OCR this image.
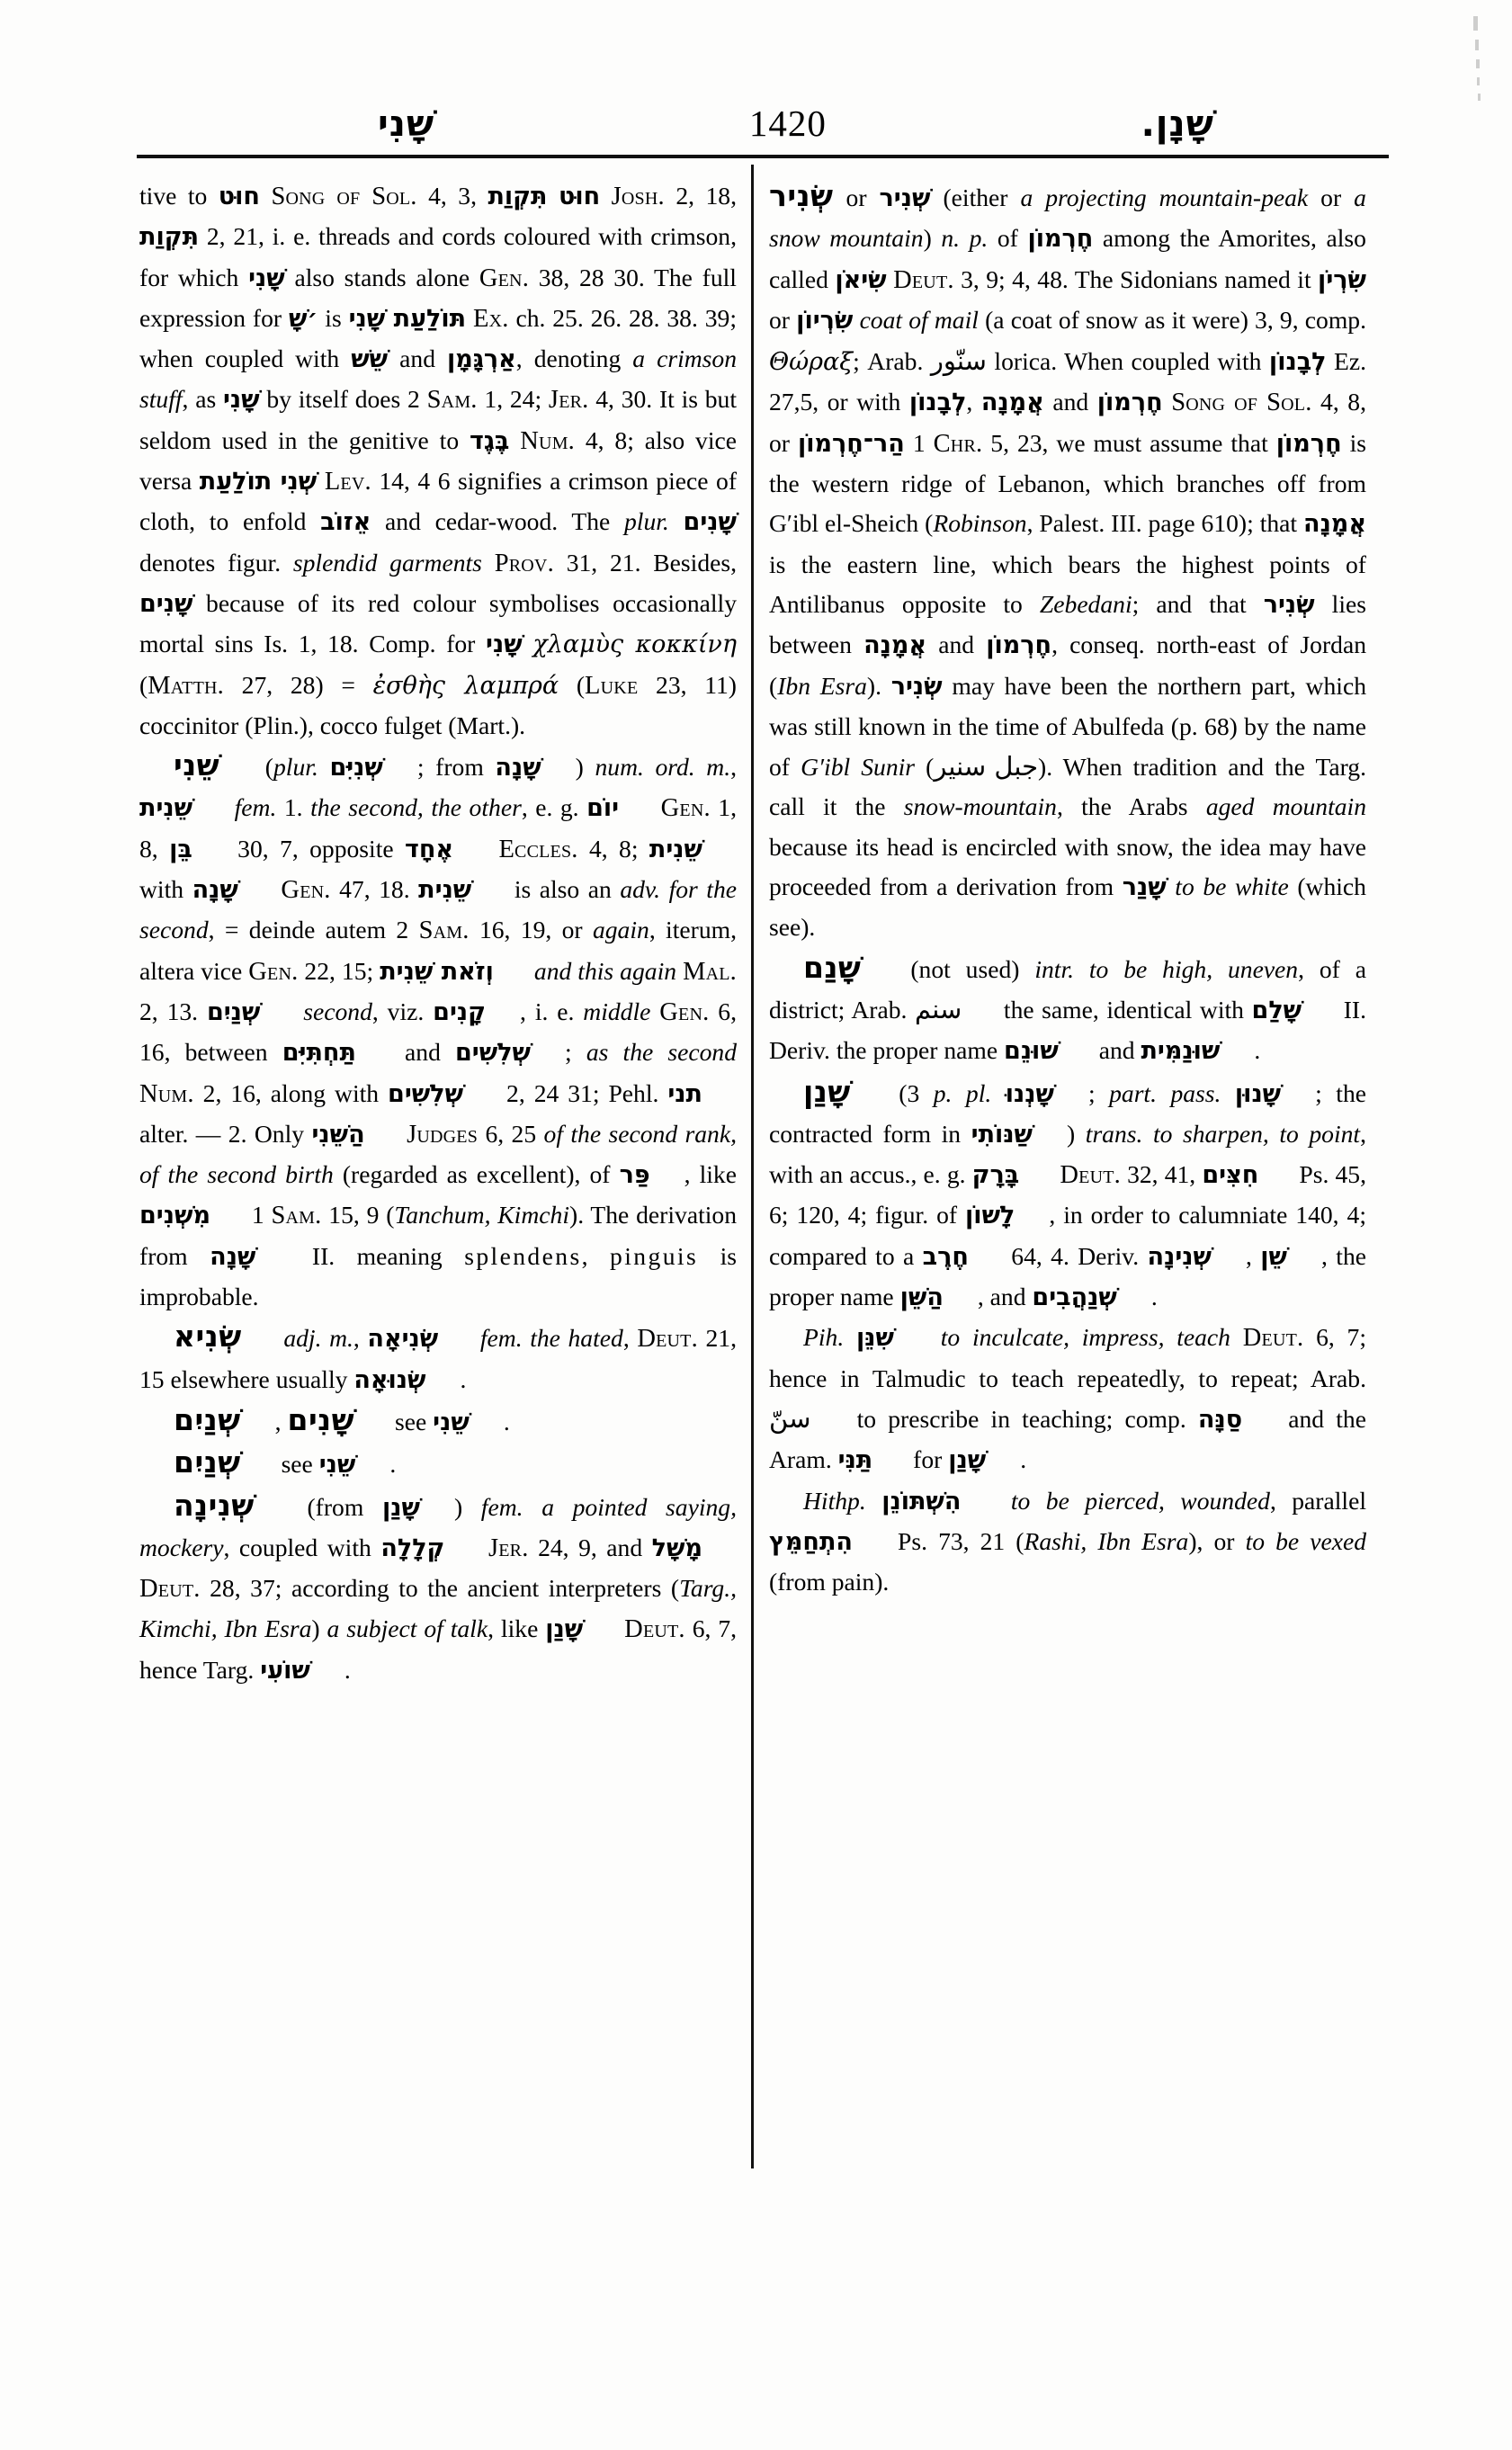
שָׁנִי	1420	שָׁנָן.

tive to חוּט Song of Sol. 4, 3, תִּקְוַת חוּט Josh. 2, 18, תִּקְוַת 2, 21, i. e. threads and cords coloured with crimson, for which שָׁנִי also stands alone Gen. 38, 28 30. The full expression for ׳שָׁ is תּוֹלַעַת שָׁנִי Ex. ch. 25. 26. 28. 38. 39; when coupled with שֵׁשׁ and אַרְגָּמָן, denoting a crimson stuff, as שָׁנִי by itself does 2 Sam. 1, 24; Jer. 4, 30. It is but seldom used in the genitive to בֶּגֶד Num. 4, 8; also vice versa שְׁנִי תוֹלַעַת Lev. 14, 4 6 signifies a crimson piece of cloth, to enfold אֵזוֹב and cedar-wood. The plur. שָׁנִים denotes figur. splendid garments Prov. 31, 21. Besides, שָׁנִים because of its red colour symbolises occasionally mortal sins Is. 1, 18. Comp. for שָׁנִי χλαμὺς κοκκίνη (Matth. 27, 28) = ἐσθὴς λαμπρά (Luke 23, 11) coccinitor (Plin.), cocco fulget (Mart.).

שֵׁנִי (plur. שְׁנִיִּם ; from שָׁנָה ) num. ord. m., שֵׁנִית fem. 1. the second, the other, e. g. יוֹם Gen. 1, 8, בֵּן 30, 7, opposite אֶחָד Eccles. 4, 8; שֵׁנִית with שָׁנָה Gen. 47, 18. שֵׁנִית is also an adv. for the second, = deinde autem 2 Sam. 16, 19, or again, iterum, altera vice Gen. 22, 15; וְזֹאת שֵׁנִית and this again Mal. 2, 13. שְׁנַיִם second, viz. קָנִים , i. e. middle Gen. 6, 16, between תַּחְתִּיִּם and שְׁלִשִׁים ; as the second Num. 2, 16, along with שְׁלִשִׁים 2, 24 31; Pehl. תני alter. — 2. Only הַשֵּׁנִי Judges 6, 25 of the second rank, of the second birth (regarded as excellent), of פַּר , like מִשְׁנִים 1 Sam. 15, 9 (Tanchum, Kimchi). The derivation from שָׁנָה II. meaning splendens, pinguis is improbable.

שְׂנִיא adj. m., שְׂנִיאָה fem. the hated, Deut. 21, 15 elsewhere usually שְׂנוּאָה .

שְׁנַיִם , שָׁנִים see שֵׁנִי .

שְׁנַיִם see שֵׁנִי .

שְׁנִינָה (from שָׁנַן ) fem. a pointed saying, mockery, coupled with קְלָלָה Jer. 24, 9, and מָשָׁל Deut. 28, 37; according to the ancient interpreters (Targ., Kimchi, Ibn Esra) a subject of talk, like שָׁנַן Deut. 6, 7, hence Targ. שׁוֹעִי .

שְׂנִיר or שְׁנִיר (either a projecting mountain-peak or a snow mountain) n. p. of חֶרְמוֹן among the Amorites, also called שִׂיאֹן Deut. 3, 9; 4, 48. The Sidonians named it שִׂרְיֹן or שִׂרְיוֹן coat of mail (a coat of snow as it were) 3, 9, comp. Θώραξ; Arab. سنّور lorica. When coupled with לְבָנוֹן Ez. 27,5, or with לְבָנוֹן, אֲמָנָה and חֶרְמוֹן Song of Sol. 4, 8, or הַר־חֶרְמוֹן 1 Chr. 5, 23, we must assume that חֶרְמוֹן is the western ridge of Lebanon, which branches off from G′ibl el-Sheich (Robinson, Palest. III. page 610); that אֲמָנָה is the eastern line, which bears the highest points of Antilibanus opposite to Zebedani; and that שְׂנִיר lies between אֲמָנָה and חֶרְמוֹן, conseq. north-east of Jordan (Ibn Esra). שְׂנִיר may have been the northern part, which was still known in the time of Abulfeda (p. 68) by the name of G′ibl Sunir (جبل سنير). When tradition and the Targ. call it the snow-mountain, the Arabs aged mountain because its head is encircled with snow, the idea may have proceeded from a derivation from שָׁנַר to be white (which see).

שָׁנַם (not used) intr. to be high, uneven, of a district; Arab. سنم the same, identical with שָׁלַם II. Deriv. the proper name שׁוּנֵם and שׁוּנַמִּית .

שָׁנַן (3 p. pl. שָׁנְנוּ ; part. pass. שָׁנוּן ; the contracted form in שַׁנּוֹתִי ) trans. to sharpen, to point, with an accus., e. g. בָּרָק Deut. 32, 41, חִצִּים Ps. 45, 6; 120, 4; figur. of לָשׁוֹן , in order to calumniate 140, 4; compared to a חֶרֶב 64, 4. Deriv. שְׁנִינָה , שֵׁן , the proper name הַשֵּׁן , and שְׁנַהֲבִים .

Pih. שִׁנֵּן to inculcate, impress, teach Deut. 6, 7; hence in Talmudic to teach repeatedly, to repeat; Arab. سنّ to prescribe in teaching; comp. סַנָּה and the Aram. תַּנִּי for שָׁנַן .

Hithp. הִשְׁתּוֹנֵן to be pierced, wounded, parallel הִתְחַמֵּץ Ps. 73, 21 (Rashi, Ibn Esra), or to be vexed (from pain).
